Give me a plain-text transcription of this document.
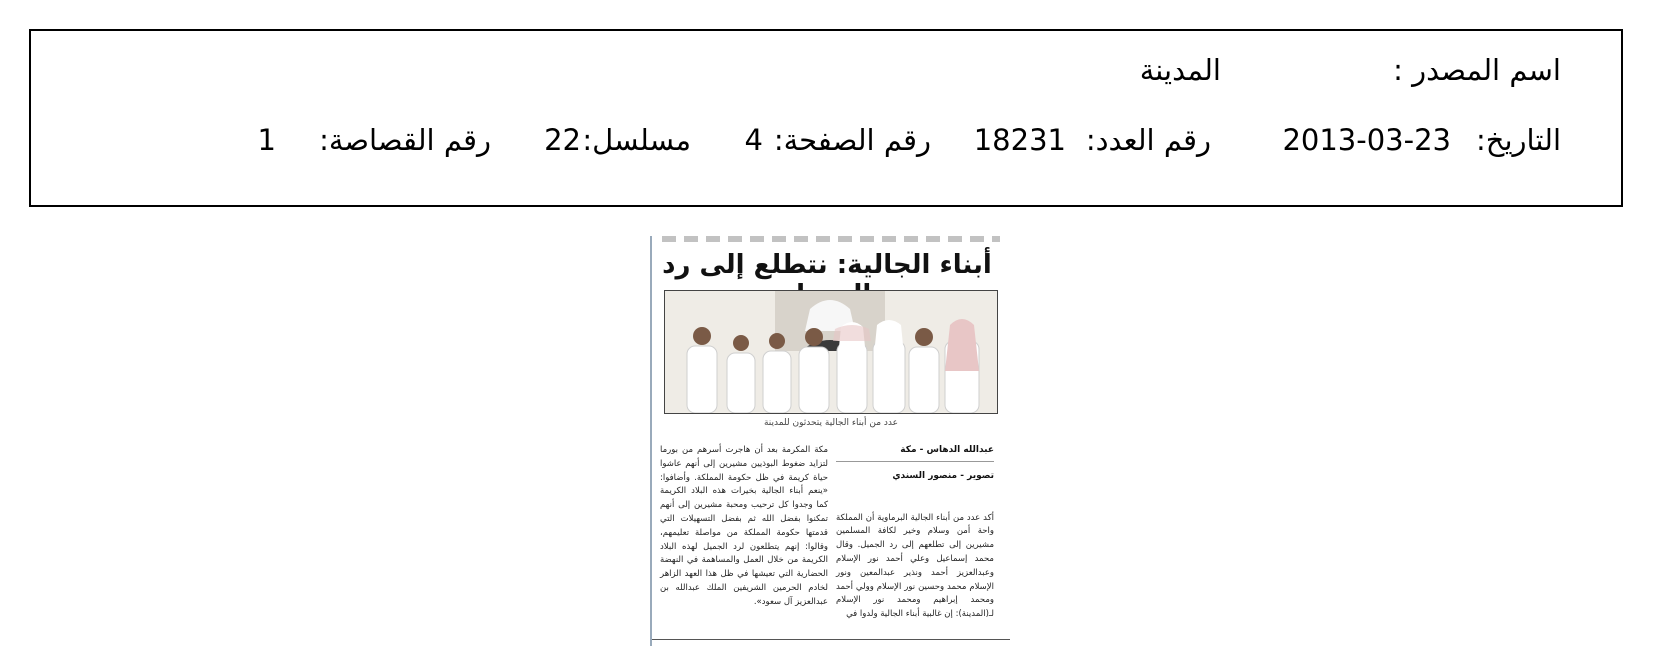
اسم المصدر :
المدينة
التاريخ:
2013-03-23
رقم العدد:
18231
رقم الصفحة:
4
مسلسل:
22
رقم القصاصة:
1
أبناء الجالية: نتطلع إلى رد
عدد من أبناء الجالية يتحدثون للمدينة
عبدالله الدهاس - مكة
تصوير - منصور السندي
أكد عدد من أبناء الجالية البرماوية أن المملكة واحة أمن وسلام وخير لكافة المسلمين مشيرين إلى تطلعهم إلى رد الجميل. وقال محمد إسماعيل وعلي أحمد نور الإسلام وعبدالعزيز أحمد ونذير عبدالمعين ونور الإسلام محمد وحسين نور الإسلام وولي أحمد ومحمد إبراهيم ومحمد نور الإسلام لـ(المدينة): إن غالبية أبناء الجالية ولدوا في
مكة المكرمة بعد أن هاجرت أسرهم من بورما لتزايد ضغوط البوذيين مشيرين إلى أنهم عاشوا حياة كريمة في ظل حكومة المملكة. وأضافوا: «ينعم أبناء الجالية بخيرات هذه البلاد الكريمة كما وجدوا كل ترحيب ومحبة مشيرين إلى أنهم تمكنوا بفضل الله ثم بفضل التسهيلات التي قدمتها حكومة المملكة من مواصلة تعليمهم، وقالوا: إنهم يتطلعون لرد الجميل لهذه البلاد الكريمة من خلال العمل والمساهمة في النهضة الحضارية التي تعيشها في ظل هذا العهد الزاهر لخادم الحرمين الشريفين الملك عبدالله بن عبدالعزيز آل سعود».
